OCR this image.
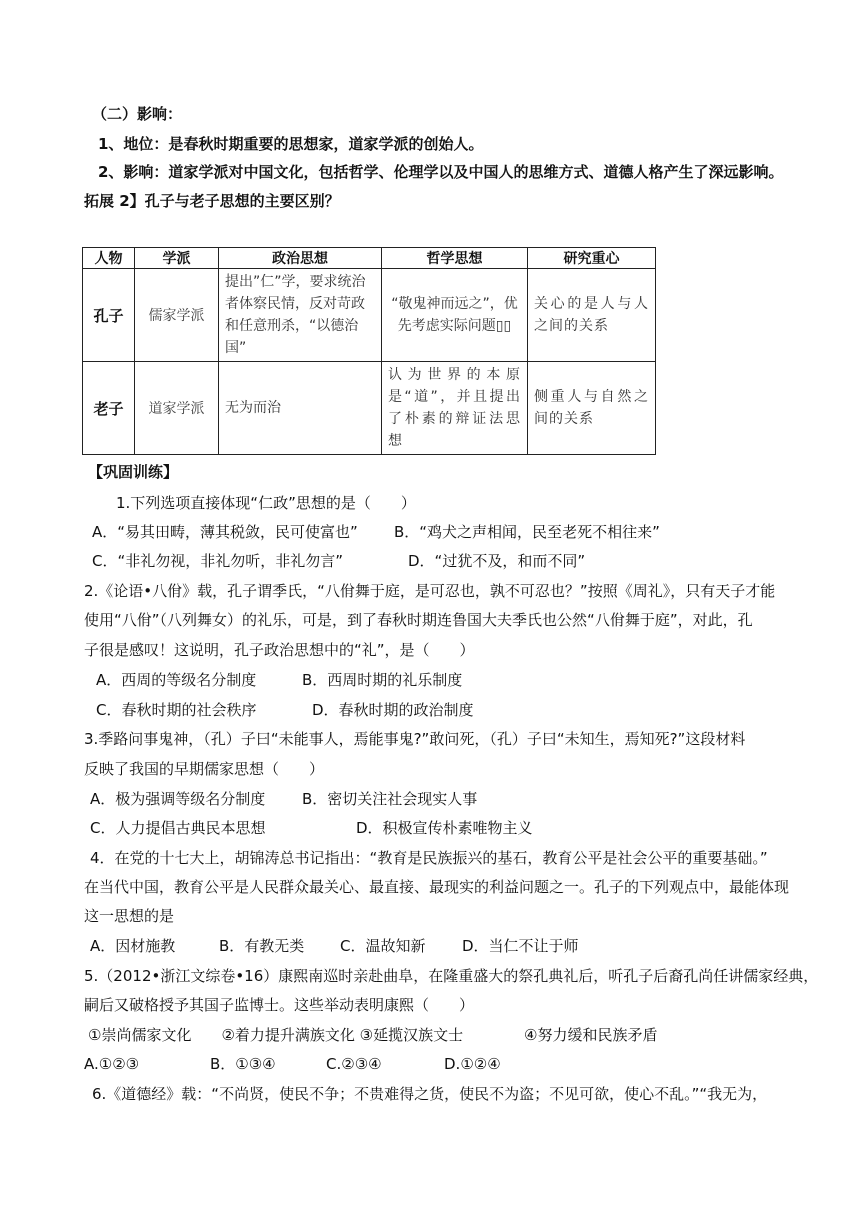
（二）影响：
1、地位：是春秋时期重要的思想家，道家学派的创始人。
2、影响：道家学派对中国文化，包括哲学、伦理学以及中国人的思维方式、道德人格产生了深远影响。
拓展 2】孔子与老子思想的主要区别？
人物	学派	政治思想	哲学思想	研究重心
孔子	儒家学派	提出”仁”学，要求统治者体察民情，反对苛政和任意刑杀，“以德治国”	“敬鬼神而远之”，优先考虑实际问题▯▯	关心的是人与人之间的关系
老子	道家学派	无为而治	认为世界的本原是“道”，并且提出了朴素的辩证法思想	侧重人与自然之间的关系
【巩固训练】
1.下列选项直接体现“仁政”思想的是（　　）
A．“易其田畴，薄其税敛，民可使富也” B．“鸡犬之声相闻，民至老死不相往来”
C．“非礼勿视，非礼勿听，非礼勿言”	D．“过犹不及，和而不同”
2.《论语•八佾》载，孔子谓季氏，“八佾舞于庭，是可忍也，孰不可忍也？”按照《周礼》，只有天子才能
使用“八佾”（八列舞女）的礼乐，可是，到了春秋时期连鲁国大夫季氏也公然“八佾舞于庭”，对此，孔
子很是感叹！这说明，孔子政治思想中的“礼”，是（　　）
A．西周的等级名分制度	B．西周时期的礼乐制度
C．春秋时期的社会秩序	D．春秋时期的政治制度
3.季路问事鬼神，（孔）子曰“未能事人，焉能事鬼?”敢问死，（孔）子曰“未知生，焉知死?”这段材料
反映了我国的早期儒家思想（　　）
A．极为强调等级名分制度 B．密切关注社会现实人事
C．人力提倡古典民本思想	D．积极宣传朴素唯物主义
4．在党的十七大上，胡锦涛总书记指出：“教育是民族振兴的基石，教育公平是社会公平的重要基础。”
在当代中国，教育公平是人民群众最关心、最直接、最现实的利益问题之一。孔子的下列观点中，最能体现
这一思想的是
A．因材施教	B．有教无类 C．温故知新 D．当仁不让于师
5.（2012•浙江文综卷•16）康熙南巡时亲赴曲阜，在隆重盛大的祭孔典礼后，听孔子后裔孔尚任讲儒家经典，
嗣后又破格授予其国子监博士。这些举动表明康熙（　　）
①崇尚儒家文化　　②着力提升满族文化 ③延揽汉族文士	④努力缓和民族矛盾
A.①②③	B．①③④	C.②③④	D.①②④
6.《道德经》载：“不尚贤，使民不争；不贵难得之货，使民不为盗；不见可欲，使心不乱。”“我无为，
